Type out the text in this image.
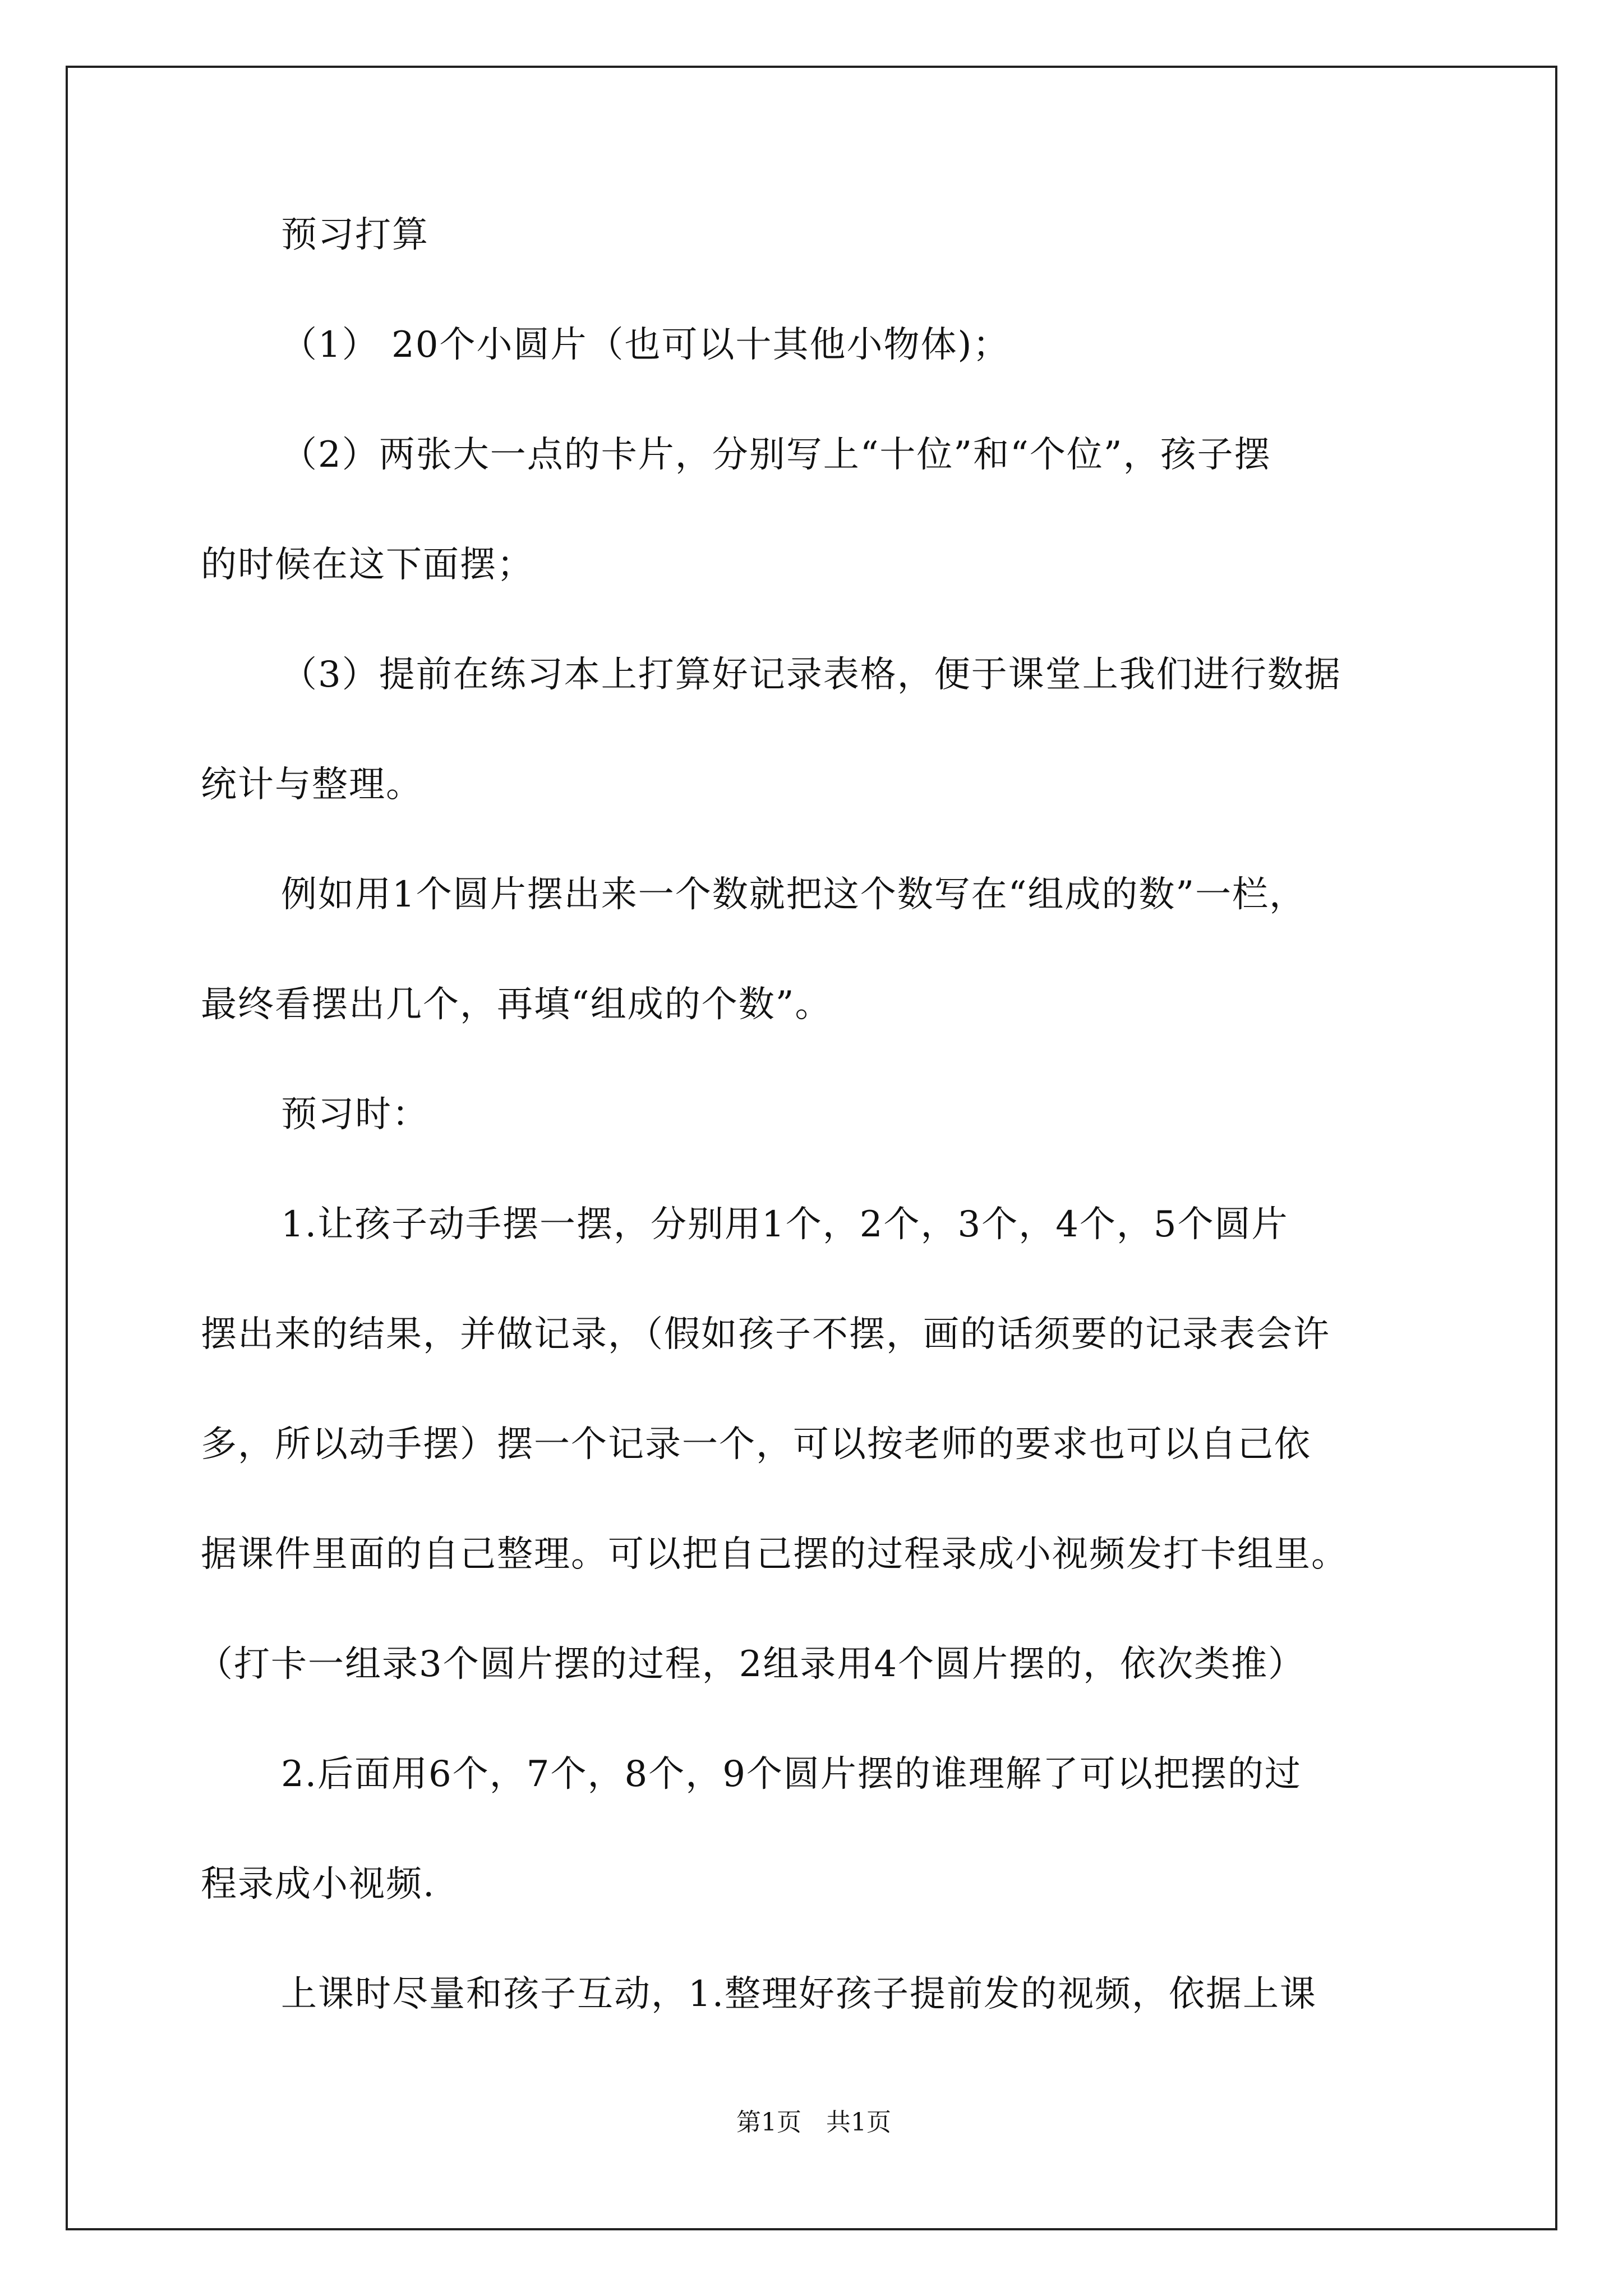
预习打算
（1） 20个小圆片（也可以十其他小物体)；
（2）两张大一点的卡片，分别写上“十位”和“个位”，孩子摆
的时候在这下面摆；
（3）提前在练习本上打算好记录表格，便于课堂上我们进行数据
统计与整理。
例如用1个圆片摆出来一个数就把这个数写在“组成的数”一栏，
最终看摆出几个，再填“组成的个数”。
预习时：
1.让孩子动手摆一摆，分别用1个，2个，3个，4个，5个圆片
摆出来的结果，并做记录，（假如孩子不摆，画的话须要的记录表会许
多，所以动手摆）摆一个记录一个，可以按老师的要求也可以自己依
据课件里面的自己整理。可以把自己摆的过程录成小视频发打卡组里。
（打卡一组录3个圆片摆的过程，2组录用4个圆片摆的，依次类推）
2.后面用6个，7个，8个，9个圆片摆的谁理解了可以把摆的过
程录成小视频.
上课时尽量和孩子互动，1.整理好孩子提前发的视频，依据上课
第1页　共1页
